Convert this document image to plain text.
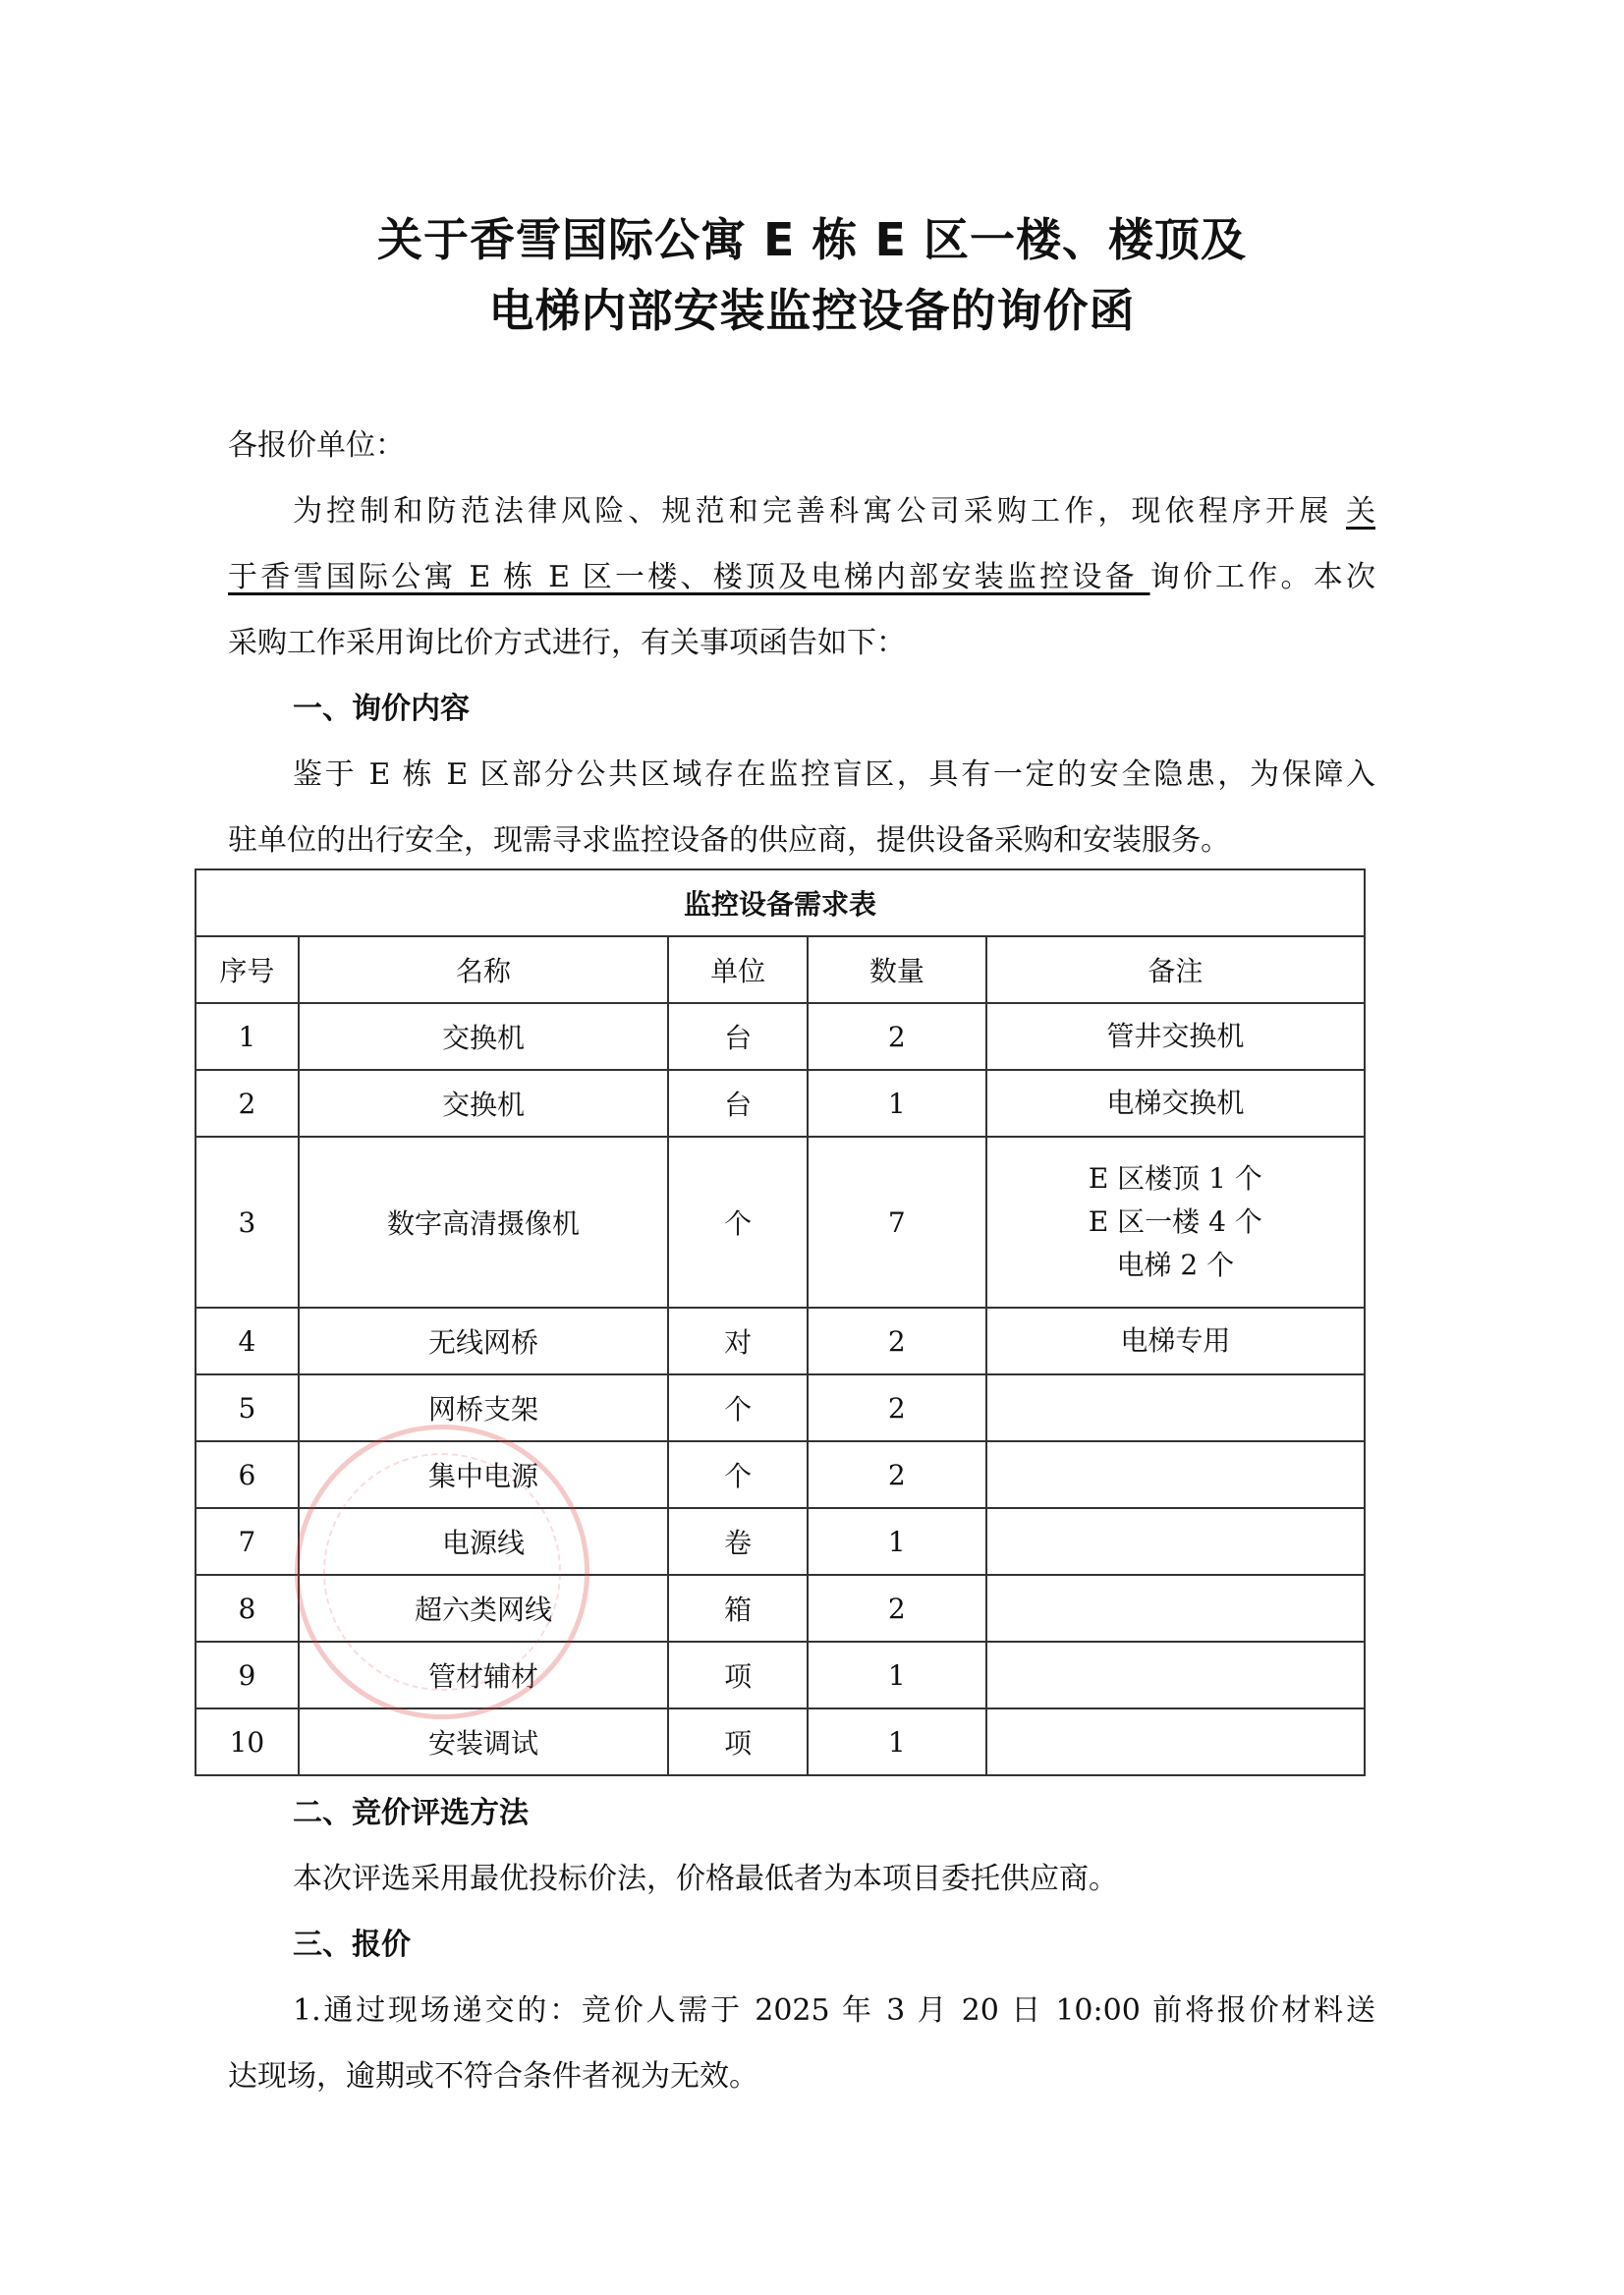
关于香雪国际公寓 E 栋 E 区一楼、楼顶及
电梯内部安装监控设备的询价函
各报价单位：
为控制和防范法律风险、规范和完善科寓公司采购工作，现依程序开展 关
于香雪国际公寓 E 栋 E 区一楼、楼顶及电梯内部安装监控设备 询价工作。本次
采购工作采用询比价方式进行，有关事项函告如下：
一、询价内容
鉴于 E 栋 E 区部分公共区域存在监控盲区，具有一定的安全隐患，为保障入
驻单位的出行安全，现需寻求监控设备的供应商，提供设备采购和安装服务。
监控设备需求表				
序号	名称	单位	数量	备注
1	交换机	台	2	管井交换机
2	交换机	台	1	电梯交换机
3	数字高清摄像机	个	7	E 区楼顶 1 个
E 区一楼 4 个
电梯 2 个

4	无线网桥	对	2	电梯专用
5	网桥支架	个	2	
6	集中电源	个	2	
7	电源线	卷	1	
8	超六类网线	箱	2	
9	管材辅材	项	1	
10	安装调试	项	1	
二、竞价评选方法
本次评选采用最优投标价法，价格最低者为本项目委托供应商。
三、报价
1.通过现场递交的：竞价人需于 2025 年 3 月 20 日 10:00 前将报价材料送
达现场，逾期或不符合条件者视为无效。
